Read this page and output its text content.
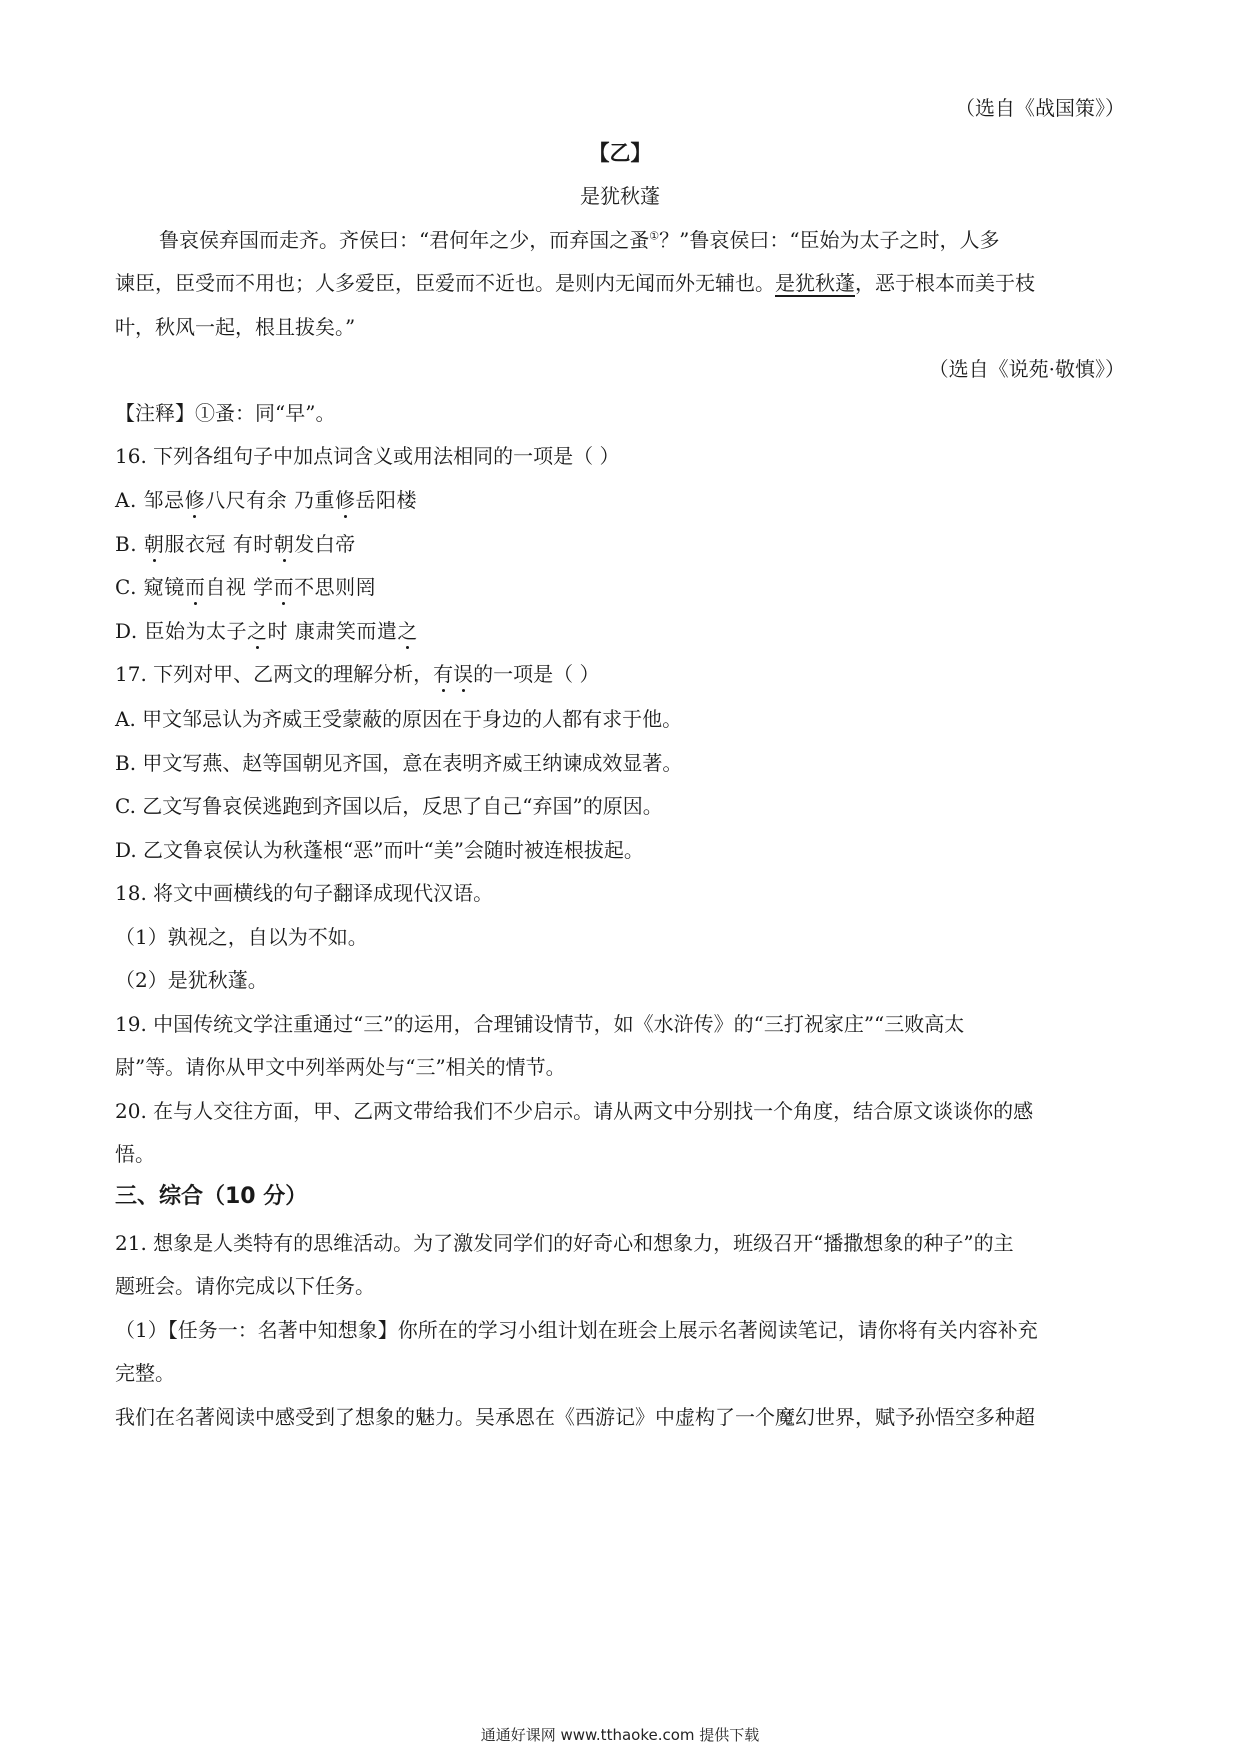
（选自《战国策》）
【乙】
是犹秋蓬
鲁哀侯弃国而走齐。齐侯曰：“君何年之少，而弃国之蚤①？”鲁哀侯曰：“臣始为太子之时，人多
谏臣，臣受而不用也；人多爱臣，臣爱而不近也。是则内无闻而外无辅也。是犹秋蓬，恶于根本而美于枝
叶，秋风一起，根且拔矣。”
（选自《说苑·敬慎》）
【注释】①蚤：同“早”。
16. 下列各组句子中加点词含义或用法相同的一项是（ ）
A. 邹忌修八尺有余 乃重修岳阳楼
B. 朝服衣冠 有时朝发白帝
C. 窥镜而自视 学而不思则罔
D. 臣始为太子之时 康肃笑而遣之
17. 下列对甲、乙两文的理解分析，有误的一项是（ ）
A. 甲文邹忌认为齐威王受蒙蔽的原因在于身边的人都有求于他。
B. 甲文写燕、赵等国朝见齐国，意在表明齐威王纳谏成效显著。
C. 乙文写鲁哀侯逃跑到齐国以后，反思了自己“弃国”的原因。
D. 乙文鲁哀侯认为秋蓬根“恶”而叶“美”会随时被连根拔起。
18. 将文中画横线的句子翻译成现代汉语。
（1）孰视之，自以为不如。
（2）是犹秋蓬。
19. 中国传统文学注重通过“三”的运用，合理铺设情节，如《水浒传》的“三打祝家庄”“三败高太
尉”等。请你从甲文中列举两处与“三”相关的情节。
20. 在与人交往方面，甲、乙两文带给我们不少启示。请从两文中分别找一个角度，结合原文谈谈你的感
悟。
三、综合（10 分）
21. 想象是人类特有的思维活动。为了激发同学们的好奇心和想象力，班级召开“播撒想象的种子”的主
题班会。请你完成以下任务。
（1）【任务一：名著中知想象】你所在的学习小组计划在班会上展示名著阅读笔记，请你将有关内容补充
完整。
我们在名著阅读中感受到了想象的魅力。吴承恩在《西游记》中虚构了一个魔幻世界，赋予孙悟空多种超
通通好课网 www.tthaoke.com 提供下载
